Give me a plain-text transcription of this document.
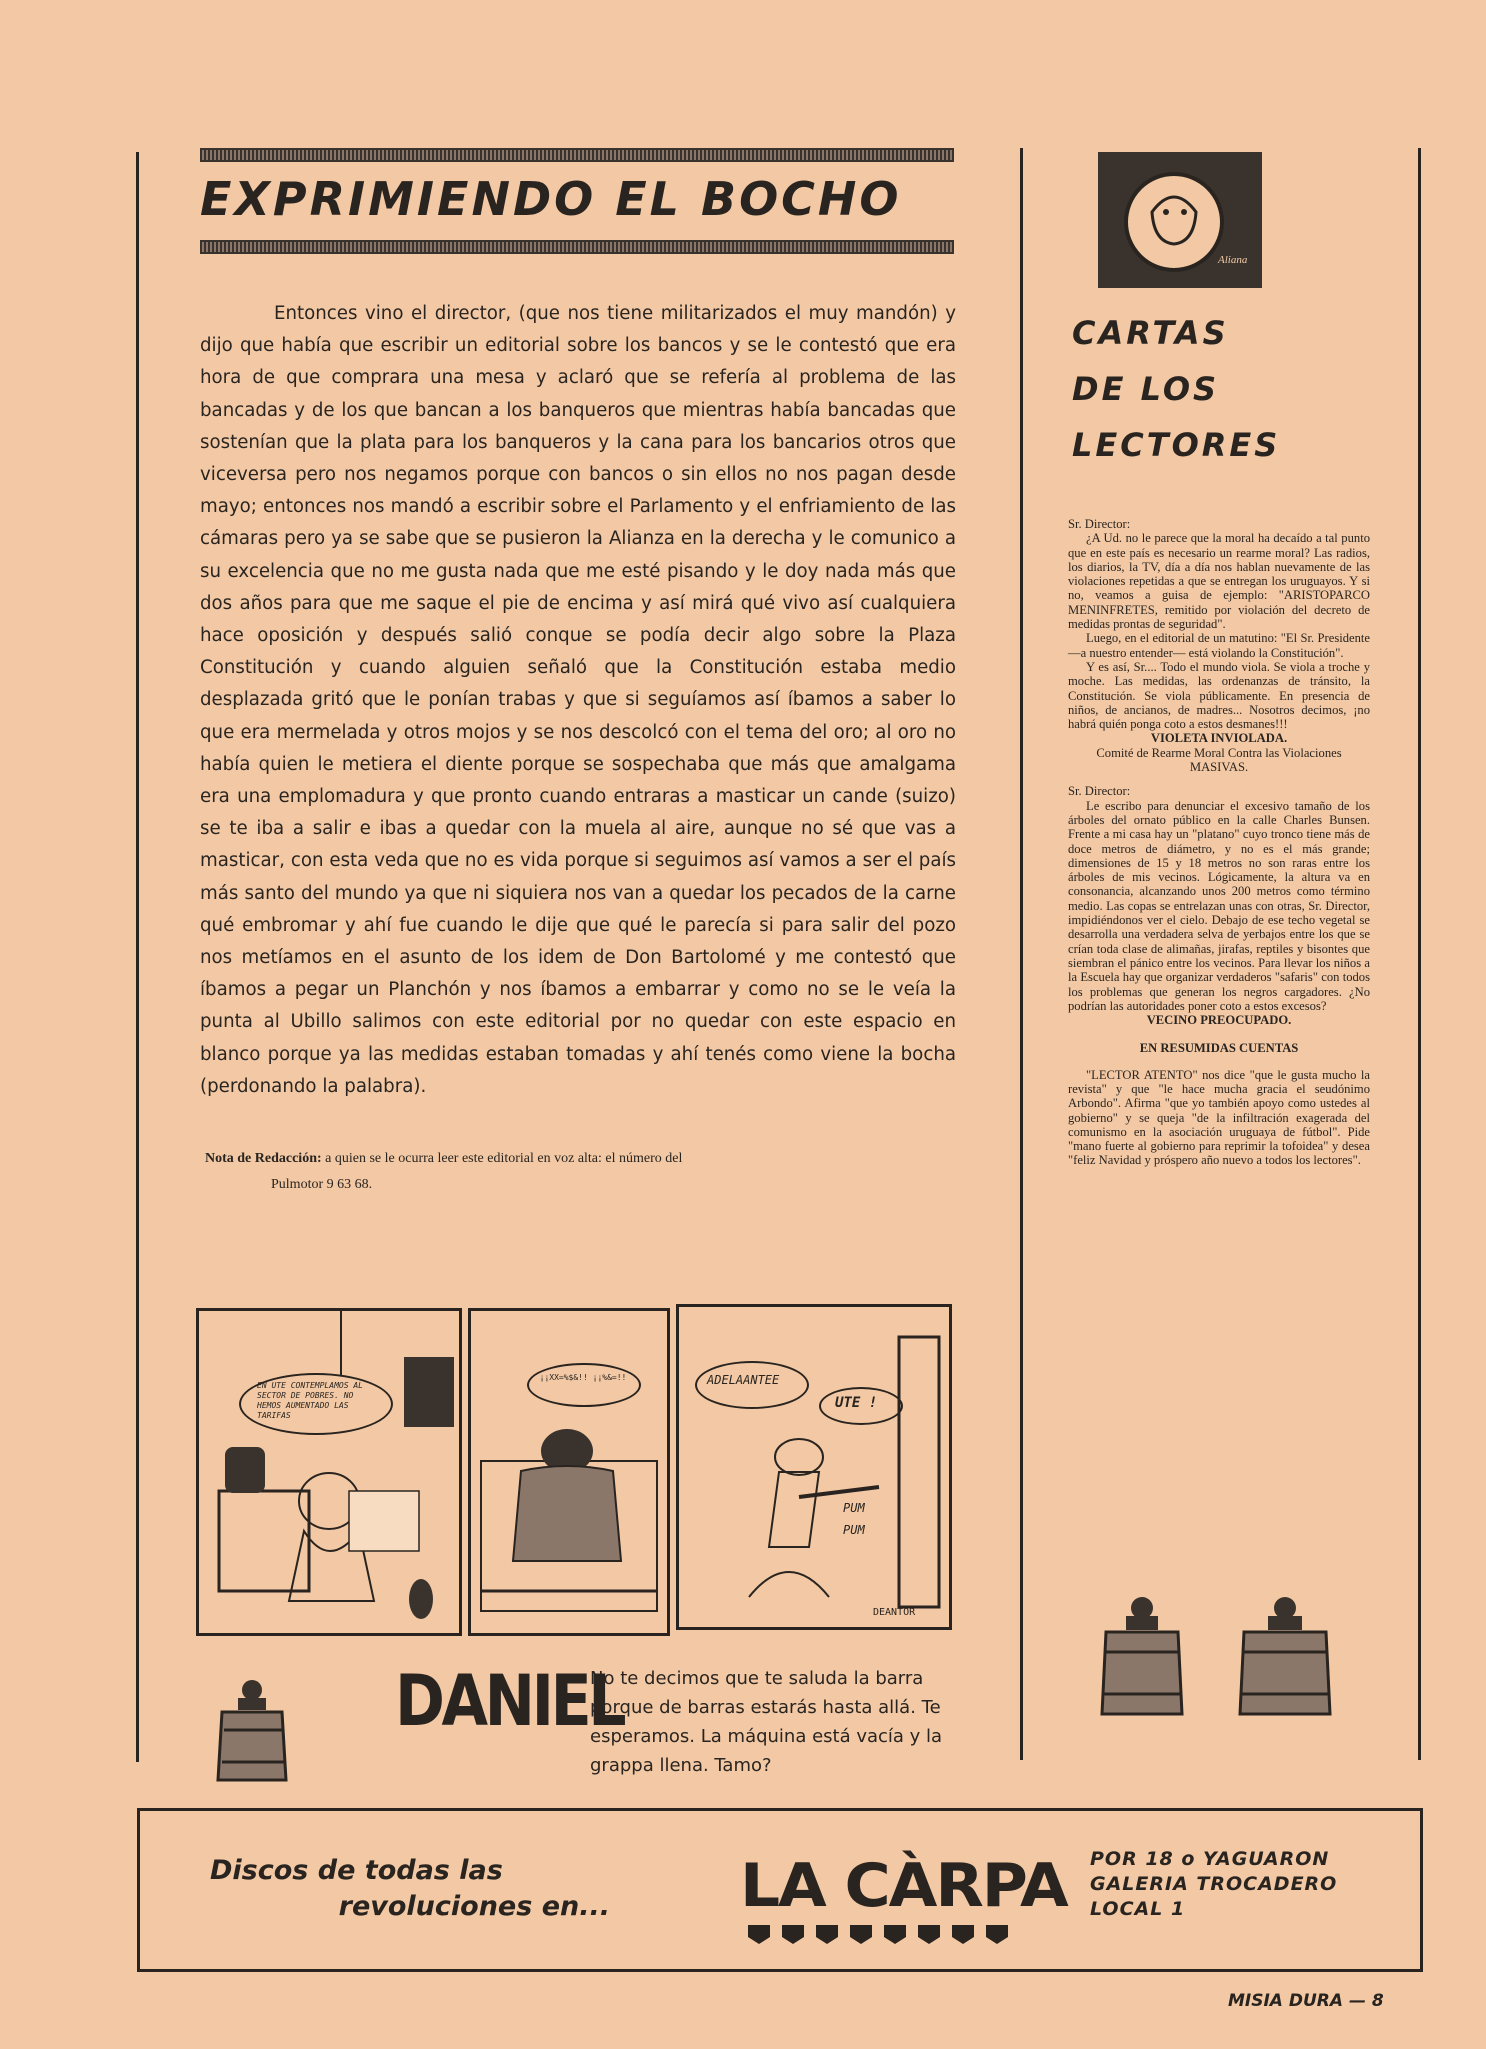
EXPRIMIENDO EL BOCHO
Entonces vino el director, (que nos tiene militarizados el muy mandón) y dijo que había que escribir un editorial sobre los bancos y se le contestó que era hora de que comprara una mesa y aclaró que se refería al problema de las bancadas y de los que bancan a los banqueros que mientras había bancadas que sostenían que la plata para los banqueros y la cana para los bancarios otros que viceversa pero nos negamos porque con bancos o sin ellos no nos pagan desde mayo; entonces nos mandó a escribir sobre el Parlamento y el enfriamiento de las cámaras pero ya se sabe que se pusieron la Alianza en la derecha y le comunico a su excelencia que no me gusta nada que me esté pisando y le doy nada más que dos años para que me saque el pie de encima y así mirá qué vivo así cualquiera hace oposición y después salió conque se podía decir algo sobre la Plaza Constitución y cuando alguien señaló que la Constitución estaba medio desplazada gritó que le ponían trabas y que si seguíamos así íbamos a saber lo que era mermelada y otros mojos y se nos descolcó con el tema del oro; al oro no había quien le metiera el diente porque se sospechaba que más que amalgama era una emplomadura y que pronto cuando entraras a masticar un cande (suizo) se te iba a salir e ibas a quedar con la muela al aire, aunque no sé que vas a masticar, con esta veda que no es vida porque si seguimos así vamos a ser el país más santo del mundo ya que ni siquiera nos van a quedar los pecados de la carne qué embromar y ahí fue cuando le dije que qué le parecía si para salir del pozo nos metíamos en el asunto de los idem de Don Bartolomé y me contestó que íbamos a pegar un Planchón y nos íbamos a embarrar y como no se le veía la punta al Ubillo salimos con este editorial por no quedar con este espacio en blanco porque ya las medidas estaban tomadas y ahí tenés como viene la bocha (perdonando la palabra).
Nota de Redacción: a quien se le ocurra leer este editorial en voz alta: el número del
Pulmotor 9 63 68.
EN UTE CONTEMPLAMOS AL SECTOR DE POBRES. NO HEMOS AUMENTADO LAS TARIFAS
¡¡XX=%$&!! ¡¡%&=!!	ADELAANTEE
UTE !
PUM PUM
DEANTOR
DANIEL
No te decimos que te saluda la barra porque de barras estarás hasta allá. Te esperamos. La máquina está vacía y la grappa llena. Tamo?
Aliana
CARTAS
DE LOS
LECTORES

Sr. Director:

¿A Ud. no le parece que la moral ha decaído a tal punto que en este país es necesario un rearme moral? Las radios, los diarios, la TV, día a día nos hablan nuevamente de las violaciones repetidas a que se entregan los uruguayos. Y si no, veamos a guisa de ejemplo: "ARISTOPARCO MENINFRETES, remitido por violación del decreto de medidas prontas de seguridad".

Luego, en el editorial de un matutino: "El Sr. Presidente —a nuestro entender— está violando la Constitución".

Y es así, Sr.... Todo el mundo viola. Se viola a troche y moche. Las medidas, las ordenanzas de tránsito, la Constitución. Se viola públicamente. En presencia de niños, de ancianos, de madres... Nosotros decimos, ¡no habrá quién ponga coto a estos desmanes!!!

VIOLETA INVIOLADA.

Comité de Rearme Moral Contra las Violaciones MASIVAS.

Sr. Director:

Le escribo para denunciar el excesivo tamaño de los árboles del ornato público en la calle Charles Bunsen. Frente a mi casa hay un "platano" cuyo tronco tiene más de doce metros de diámetro, y no es el más grande; dimensiones de 15 y 18 metros no son raras entre los árboles de mis vecinos. Lógicamente, la altura va en consonancia, alcanzando unos 200 metros como término medio. Las copas se entrelazan unas con otras, Sr. Director, impidiéndonos ver el cielo. Debajo de ese techo vegetal se desarrolla una verdadera selva de yerbajos entre los que se crían toda clase de alimañas, jirafas, reptiles y bisontes que siembran el pánico entre los vecinos. Para llevar los niños a la Escuela hay que organizar verdaderos "safaris" con todos los problemas que generan los negros cargadores. ¿No podrían las autoridades poner coto a estos excesos?

VECINO PREOCUPADO.

EN RESUMIDAS CUENTAS

"LECTOR ATENTO" nos dice "que le gusta mucho la revista" y que "le hace mucha gracia el seudónimo Arbondo". Afirma "que yo también apoyo como ustedes al gobierno" y se queja "de la infiltración exagerada del comunismo en la asociación uruguaya de fútbol". Pide "mano fuerte al gobierno para reprimir la tofoidea" y desea "feliz Navidad y próspero año nuevo a todos los lectores".

Discos de todas las
revoluciones en... LA CÀRPA POR 18 o YAGUARON
GALERIA TROCADERO
LOCAL 1
MISIA DURA — 8
